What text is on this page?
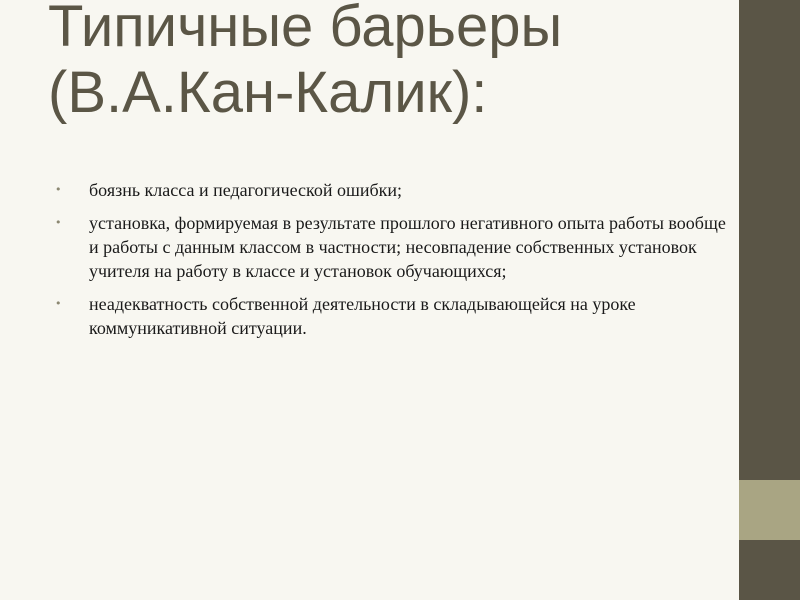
Типичные барьеры
(В.А.Кан-Калик):
• боязнь класса и педагогической ошибки;
• установка, формируемая в результате прошлого негативного опыта работы вообще и работы с данным классом в частности; несовпадение собственных установок учителя на работу в классе и установок обучающихся;
• неадекватность собственной деятельности в складывающейся на уроке коммуникативной ситуации.
